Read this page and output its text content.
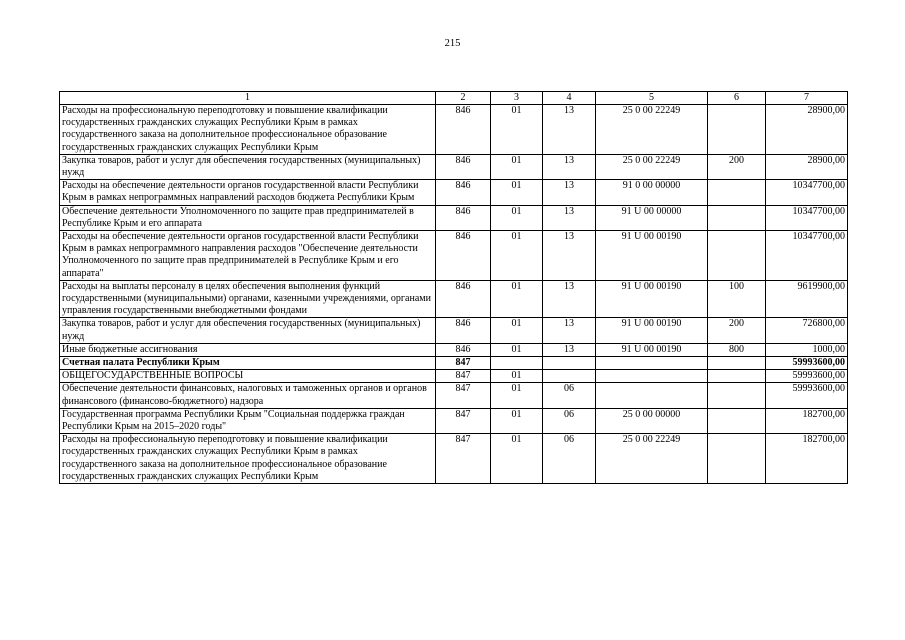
215
1	2	3	4	5	6	7
Расходы на профессиональную переподготовку и повышение квалификации государственных гражданских служащих Республики Крым в рамках государственного заказа на дополнительное профессиональное образование государственных гражданских служащих Республики Крым	846	01	13	25 0 00 22249		28900,00
Закупка товаров, работ и услуг для обеспечения государственных (муниципальных) нужд	846	01	13	25 0 00 22249	200	28900,00
Расходы на обеспечение деятельности органов государственной власти Республики Крым в рамках непрограммных направлений расходов бюджета Республики Крым	846	01	13	91 0 00 00000		10347700,00
Обеспечение деятельности Уполномоченного по защите прав предпринимателей в Республике Крым и его аппарата	846	01	13	91 U 00 00000		10347700,00
Расходы на обеспечение деятельности органов государственной власти Республики Крым в рамках непрограммного направления расходов "Обеспечение деятельности Уполномоченного по защите прав предпринимателей в Республике Крым и его аппарата"	846	01	13	91 U 00 00190		10347700,00
Расходы на выплаты персоналу в целях обеспечения выполнения функций государственными (муниципальными) органами, казенными учреждениями, органами управления государственными внебюджетными фондами	846	01	13	91 U 00 00190	100	9619900,00
Закупка товаров, работ и услуг для обеспечения государственных (муниципальных) нужд	846	01	13	91 U 00 00190	200	726800,00
Иные бюджетные ассигнования	846	01	13	91 U 00 00190	800	1000,00
Счетная палата Республики Крым	847					59993600,00
ОБЩЕГОСУДАРСТВЕННЫЕ ВОПРОСЫ	847	01				59993600,00
Обеспечение деятельности финансовых, налоговых и таможенных органов и органов финансового (финансово-бюджетного) надзора	847	01	06			59993600,00
Государственная программа Республики Крым "Социальная поддержка граждан Республики Крым на 2015–2020 годы"	847	01	06	25 0 00 00000		182700,00
Расходы на профессиональную переподготовку и повышение квалификации государственных гражданских служащих Республики Крым в рамках государственного заказа на дополнительное профессиональное образование государственных гражданских служащих Республики Крым	847	01	06	25 0 00 22249		182700,00
